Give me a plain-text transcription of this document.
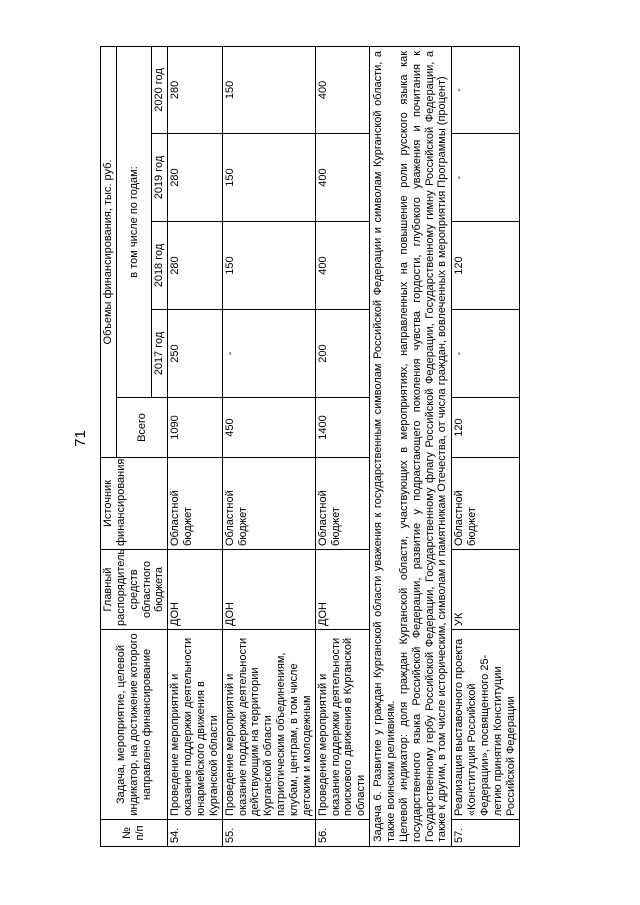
71
№ п/п	Задача, мероприятие, целевой индикатор, на достижение которого направлено финансирование	Главный распорядитель средств областного бюджета	Источник финансирования	Объемы финансирования, тыс. руб.				
				Всего	в том числе по годам:			
					2017 год	2018 год	2019 год	2020 год
54.	Проведение мероприятий и оказание поддержки деятельности юнармейского движения в Курганской области	ДОН	Областной бюджет	1090	250	280	280	280
55.	Проведение мероприятий и оказание поддержки деятельности действующим на территории Курганской области патриотическим объединениям, клубам, центрам, в том числе детским и молодежным	ДОН	Областной бюджет	450	-	150	150	150
56.	Проведение мероприятий и оказание поддержки деятельности поискового движения в Курганской области	ДОН	Областной бюджет	1400	200	400	400	400

Задача 6. Развитие у граждан Курганской области уважения к государственным символам Российской Федерации и символам Курганской области, а также воинским реликвиям. Целевой индикатор: доля граждан Курганской области, участвующих в мероприятиях, направленных на повышение роли русского языка как государственного языка Российской Федерации, развитие у подрастающего поколения чувства гордости, глубокого уважения и почитания к Государственному гербу Российской Федерации, Государственному флагу Российской Федерации, Государственному гимну Российской Федерации, а также к другим, в том числе историческим, символам и памятникам Отечества, от числа граждан, вовлеченных в мероприятия Программы (процент)								

57.	Реализация выставочного проекта «Конституция Российской Федерации», посвященного 25-летию принятия Конституции Российской Федерации	УК	Областной бюджет	120	-	120	-	-
